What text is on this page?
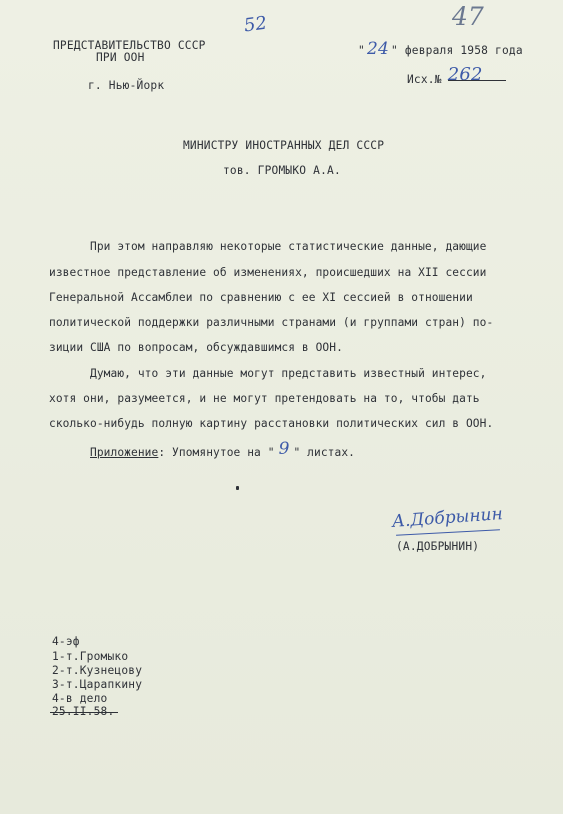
47
52
ПРЕДСТАВИТЕЛЬСТВО СССР
ПРИ ООН
г. Нью-Йорк
" 24 " февраля 1958 года
Исх.№ 262
МИНИСТРУ ИНОСТРАННЫХ ДЕЛ СССР
тов. ГРОМЫКО А.А.
При этом направляю некоторые статистические данные, дающие
известное представление об изменениях, происшедших на XII сессии
Генеральной Ассамблеи по сравнению с ее XI сессией в отношении
политической поддержки различными странами (и группами стран) по-
зиции США по вопросам, обсуждавшимся в ООН.
Думаю, что эти данные могут представить известный интерес,
хотя они, разумеется, и не могут претендовать на то, чтобы дать
сколько-нибудь полную картину расстановки политических сил в ООН.
Приложение: Упомянутое на " 9 " листах.
А.Добрынин
(А.ДОБРЫНИН)
4-эф
1-т.Громыко
2-т.Кузнецову
3-т.Царапкину
4-в дело
25.II.58.
